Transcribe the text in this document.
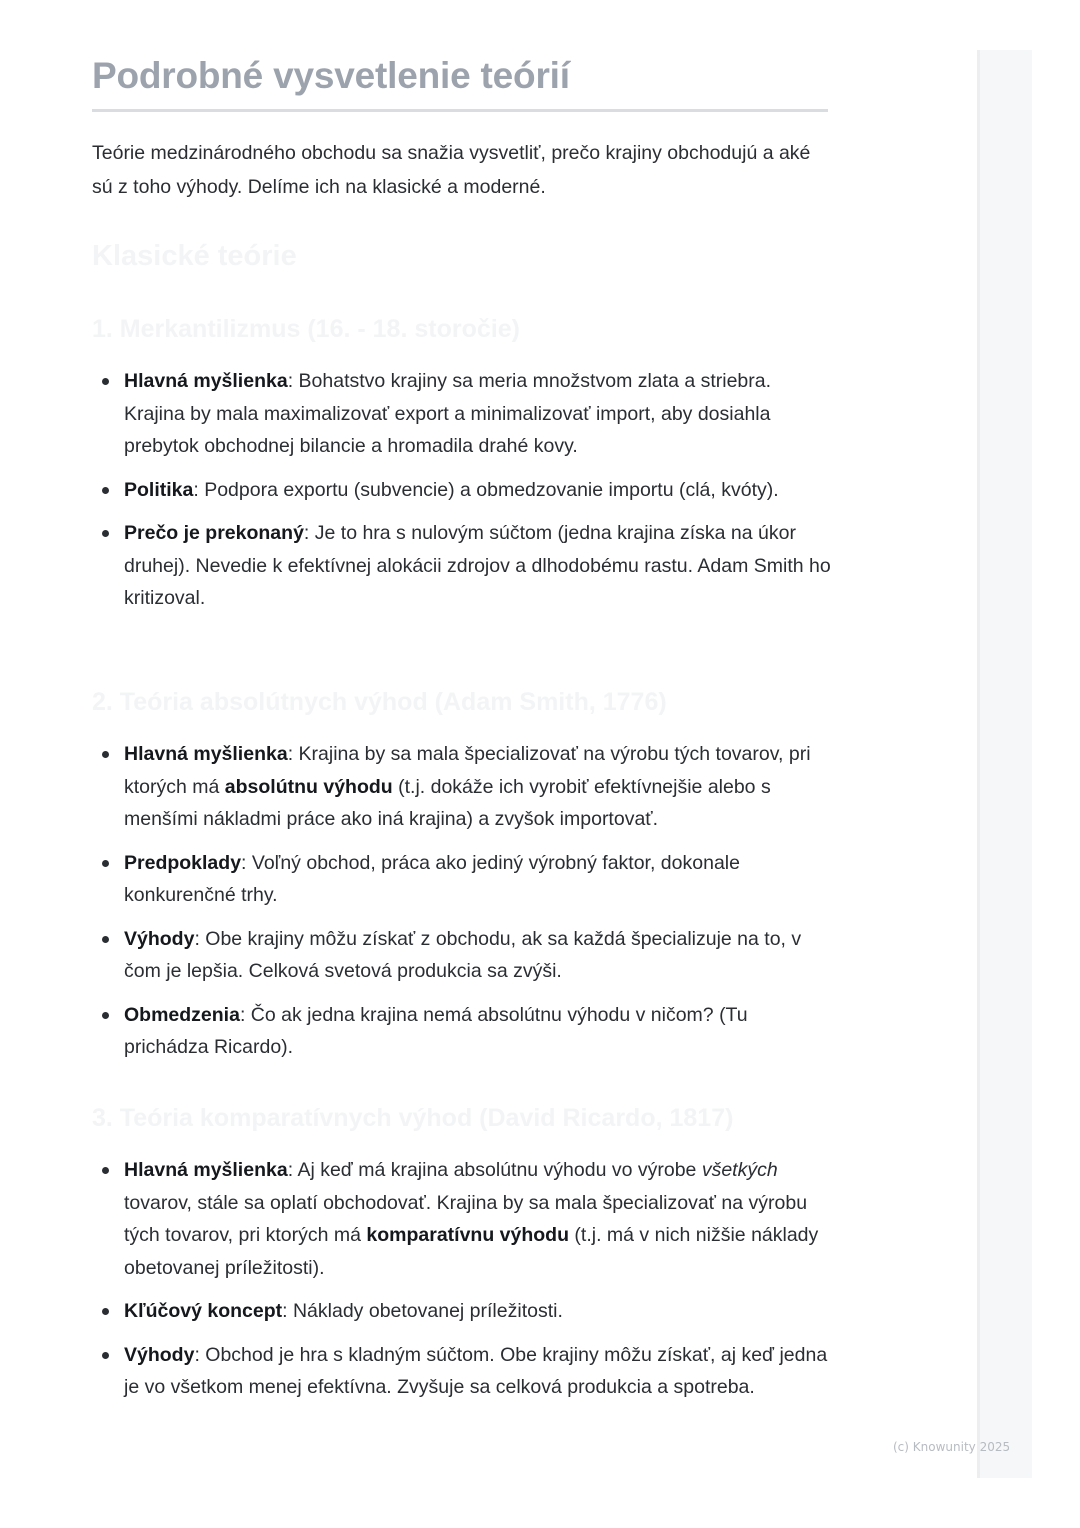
Podrobné vysvetlenie teórií

Teórie medzinárodného obchodu sa snažia vysvetliť, prečo krajiny obchodujú a aké sú z toho výhody. Delíme ich na klasické a moderné.

Klasické teórie
1. Merkantilizmus (16. - 18. storočie)
Hlavná myšlienka: Bohatstvo krajiny sa meria množstvom zlata a striebra. Krajina by mala maximalizovať export a minimalizovať import, aby dosiahla prebytok obchodnej bilancie a hromadila drahé kovy.
Politika: Podpora exportu (subvencie) a obmedzovanie importu (clá, kvóty).
Prečo je prekonaný: Je to hra s nulovým súčtom (jedna krajina získa na úkor druhej). Nevedie k efektívnej alokácii zdrojov a dlhodobému rastu. Adam Smith ho kritizoval.
2. Teória absolútnych výhod (Adam Smith, 1776)
Hlavná myšlienka: Krajina by sa mala špecializovať na výrobu tých tovarov, pri ktorých má absolútnu výhodu (t.j. dokáže ich vyrobiť efektívnejšie alebo s menšími nákladmi práce ako iná krajina) a zvyšok importovať.
Predpoklady: Voľný obchod, práca ako jediný výrobný faktor, dokonale konkurenčné trhy.
Výhody: Obe krajiny môžu získať z obchodu, ak sa každá špecializuje na to, v čom je lepšia. Celková svetová produkcia sa zvýši.
Obmedzenia: Čo ak jedna krajina nemá absolútnu výhodu v ničom? (Tu prichádza Ricardo).
3. Teória komparatívnych výhod (David Ricardo, 1817)
Hlavná myšlienka: Aj keď má krajina absolútnu výhodu vo výrobe všetkých tovarov, stále sa oplatí obchodovať. Krajina by sa mala špecializovať na výrobu tých tovarov, pri ktorých má komparatívnu výhodu (t.j. má v nich nižšie náklady obetovanej príležitosti).
Kľúčový koncept: Náklady obetovanej príležitosti.
Výhody: Obchod je hra s kladným súčtom. Obe krajiny môžu získať, aj keď jedna je vo všetkom menej efektívna. Zvyšuje sa celková produkcia a spotreba.
(c) Knowunity 2025
